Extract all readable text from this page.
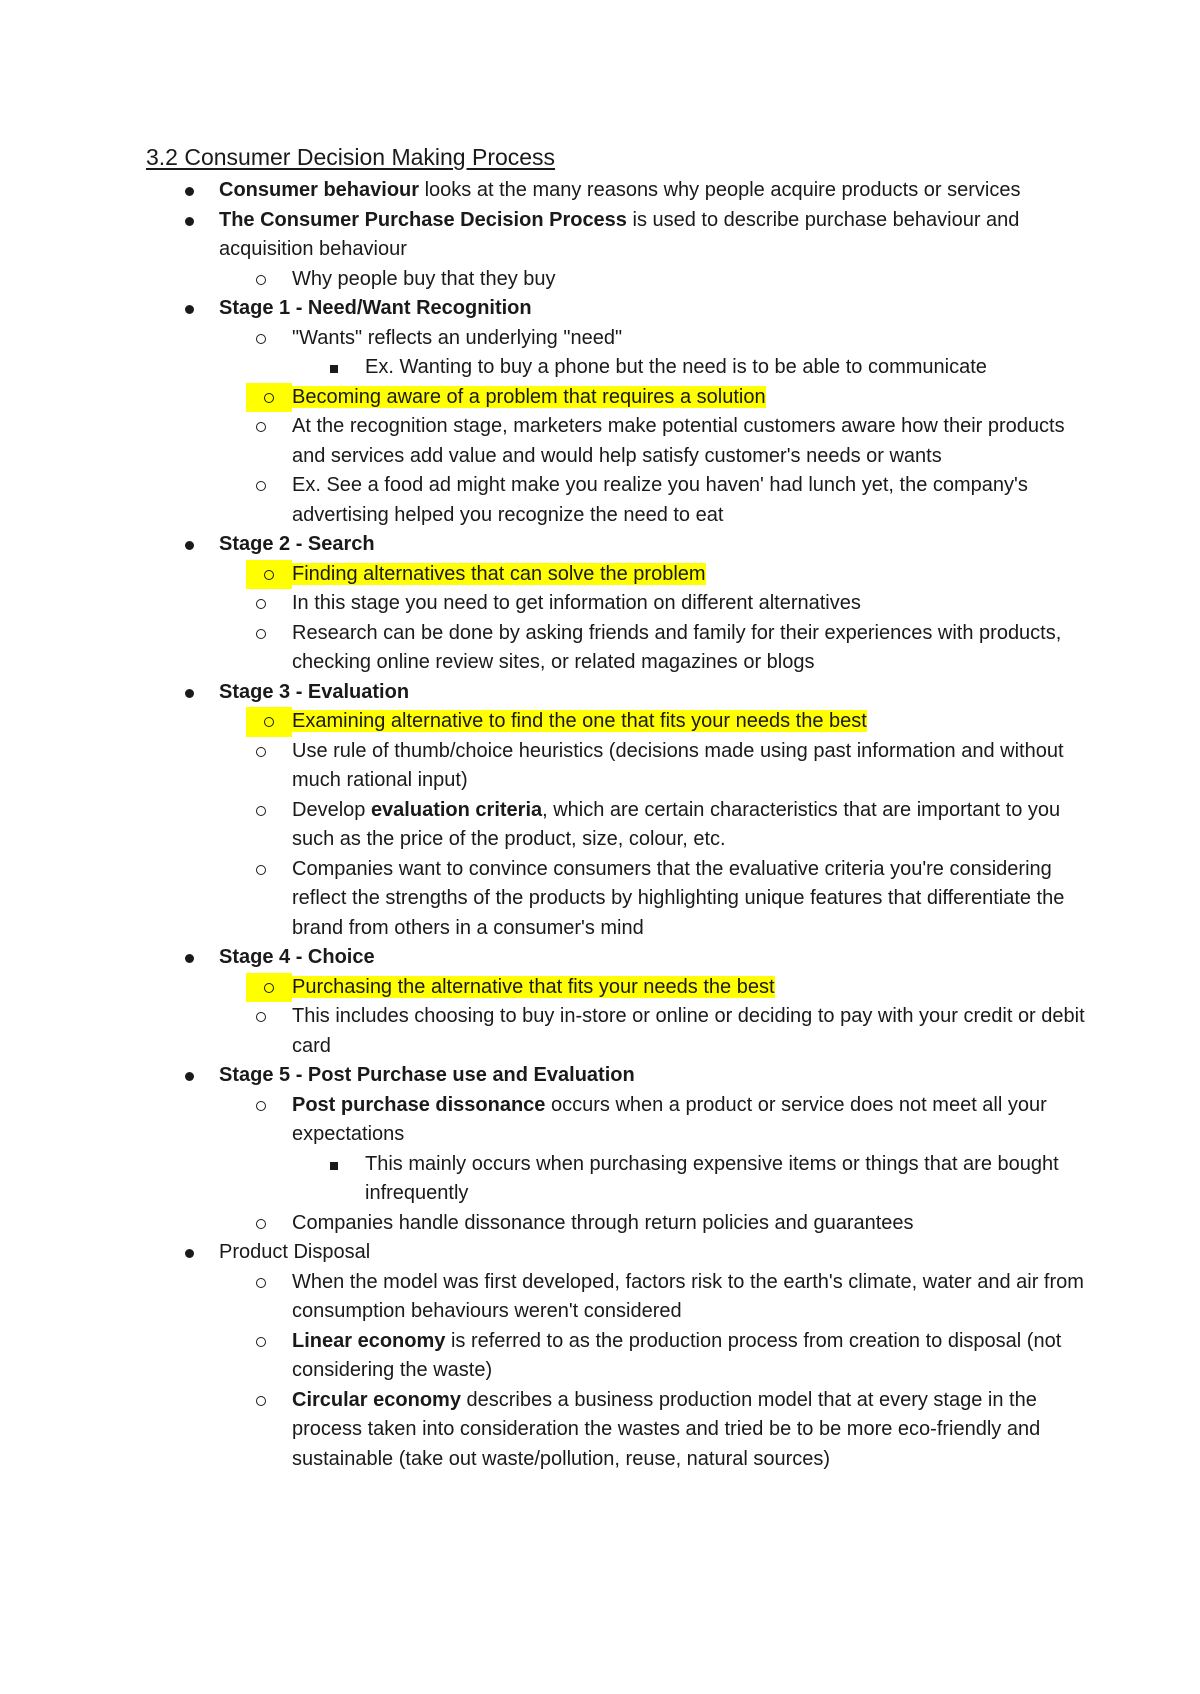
3.2 Consumer Decision Making Process
Consumer behaviour looks at the many reasons why people acquire products or services
The Consumer Purchase Decision Process is used to describe purchase behaviour and acquisition behaviour
Why people buy that they buy
Stage 1 - Need/Want Recognition
"Wants" reflects an underlying "need"
Ex. Wanting to buy a phone but the need is to be able to communicate
Becoming aware of a problem that requires a solution
At the recognition stage, marketers make potential customers aware how their products and services add value and would help satisfy customer's needs or wants
Ex. See a food ad might make you realize you haven' had lunch yet, the company's advertising helped you recognize the need to eat
Stage 2 - Search
Finding alternatives that can solve the problem
In this stage you need to get information on different alternatives
Research can be done by asking friends and family for their experiences with products, checking online review sites, or related magazines or blogs
Stage 3 - Evaluation
Examining alternative to find the one that fits your needs the best
Use rule of thumb/choice heuristics (decisions made using past information and without much rational input)
Develop evaluation criteria, which are certain characteristics that are important to you such as the price of the product, size, colour, etc.
Companies want to convince consumers that the evaluative criteria you're considering reflect the strengths of the products by highlighting unique features that differentiate the brand from others in a consumer's mind
Stage 4 - Choice
Purchasing the alternative that fits your needs the best
This includes choosing to buy in-store or online or deciding to pay with your credit or debit card
Stage 5 - Post Purchase use and Evaluation
Post purchase dissonance occurs when a product or service does not meet all your expectations
This mainly occurs when purchasing expensive items or things that are bought infrequently
Companies handle dissonance through return policies and guarantees
Product Disposal
When the model was first developed, factors risk to the earth's climate, water and air from consumption behaviours weren't considered
Linear economy is referred to as the production process from creation to disposal (not considering the waste)
Circular economy describes a business production model that at every stage in the process taken into consideration the wastes and tried be to be more eco-friendly and sustainable (take out waste/pollution, reuse, natural sources)
